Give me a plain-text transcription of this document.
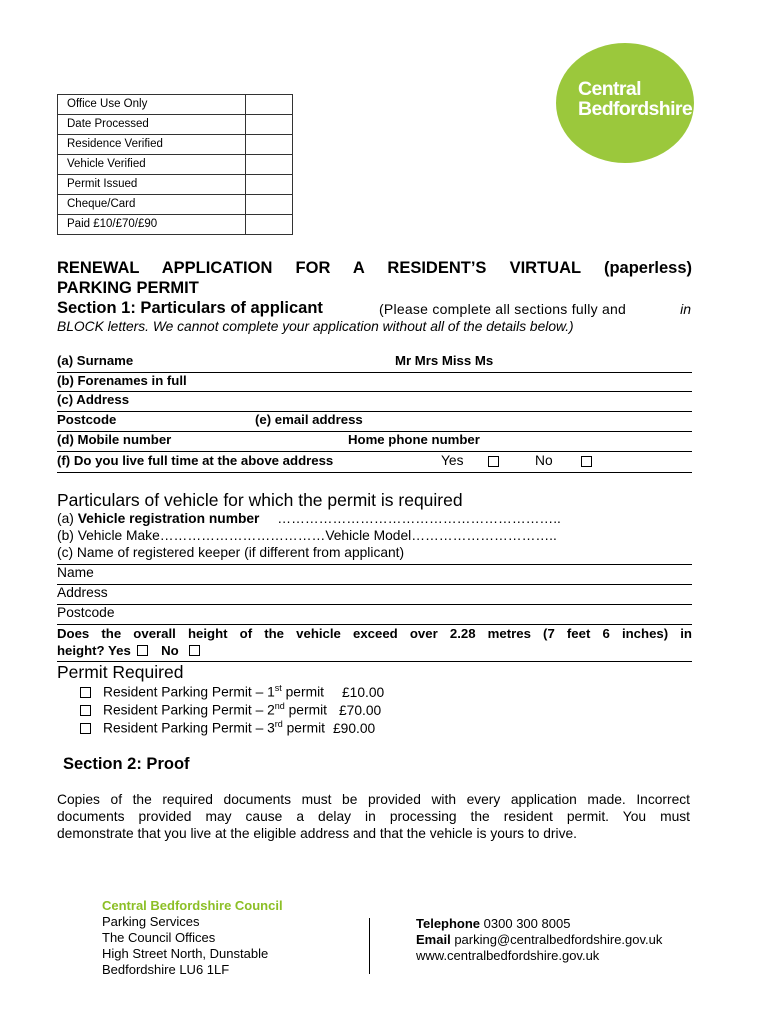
Office Use Only	
Date Processed	
Residence Verified	
Vehicle Verified	
Permit Issued	
Cheque/Card	
Paid £10/£70/£90	
Central
Bedfordshire
RENEWAL APPLICATION FOR A RESIDENT’S VIRTUAL (paperless)
PARKING PERMIT
Section 1: Particulars of applicant	(Please complete all sections fully and	in
BLOCK letters. We cannot complete your application without all of the details below.)
(a) Surname	Mr Mrs Miss Ms
(b) Forenames in full
(c) Address
Postcode	(e) email address
(d) Mobile number	Home phone number
(f) Do you live full time at the above address	Yes	No
Particulars of vehicle for which the permit is required
(a) Vehicle registration number ……………………………………………………..
(b) Vehicle Make………………………………Vehicle Model…………………………..
(c) Name of registered keeper (if different from applicant)
Name
Address
Postcode
Does the overall height of the vehicle exceed over 2.28 metres (7 feet 6 inches) in
height? Yes No
Permit Required
Resident Parking Permit – 1st permit £10.00
Resident Parking Permit – 2nd permit £70.00
Resident Parking Permit – 3rd permit £90.00
Section 2: Proof
Copies of the required documents must be provided with every application made. Incorrect
documents provided may cause a delay in processing the resident permit. You must
demonstrate that you live at the eligible address and that the vehicle is yours to drive.
Central Bedfordshire Council
Parking Services
The Council Offices
High Street North, Dunstable
Bedfordshire LU6 1LF
Telephone 0300 300 8005
Email parking@centralbedfordshire.gov.uk
www.centralbedfordshire.gov.uk
